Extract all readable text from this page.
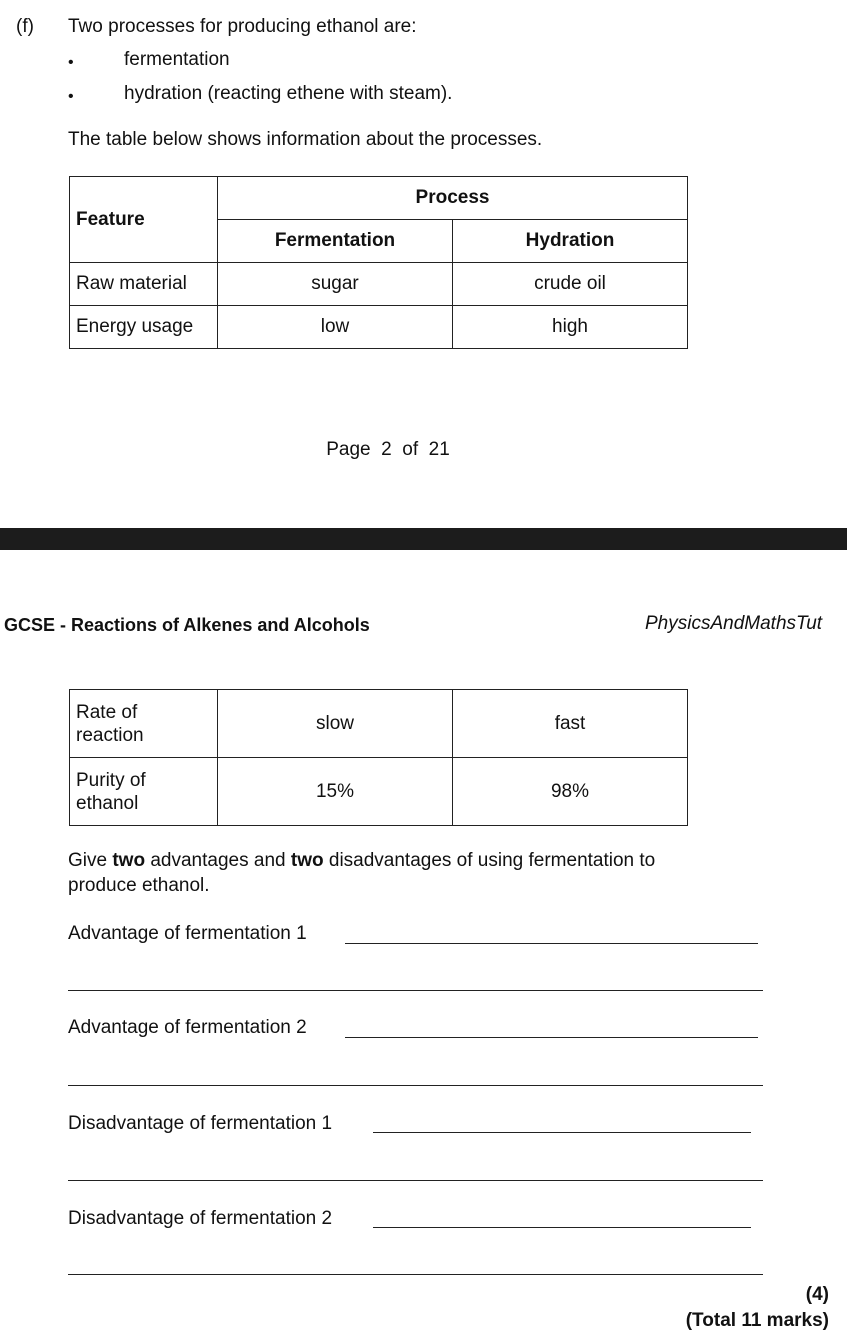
(f) Two processes for producing ethanol are:
•	fermentation
•	hydration (reacting ethene with steam).
The table below shows information about the processes.
Feature	Process	
	Fermentation	Hydration
Raw material	sugar	crude oil
Energy usage	low	high
Page  2  of  21
GCSE - Reactions of Alkenes and Alcohols	PhysicsAndMathsTut
Rate of
reaction	slow	fast
Purity of
ethanol	15%	98%
Give two advantages and two disadvantages of using fermentation to
produce ethanol.
Advantage of fermentation 1
Advantage of fermentation 2
Disadvantage of fermentation 1
Disadvantage of fermentation 2
(4)
(Total 11 marks)
